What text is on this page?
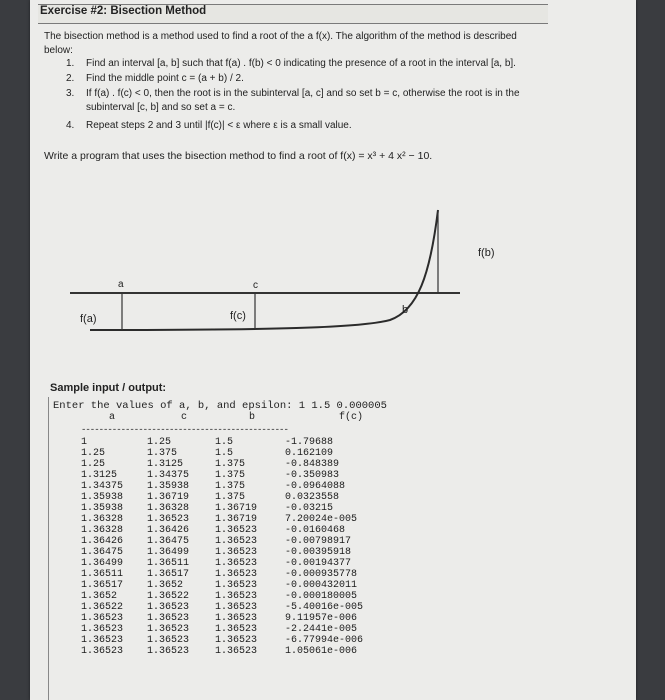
Exercise #2: Bisection Method
The bisection method is a method used to find a root of the a f(x). The algorithm of the method is described
below:
1. Find an interval [a, b] such that f(a) . f(b) < 0 indicating the presence of a root in the interval [a, b].
2. Find the middle point c = (a + b) / 2.
3. If f(a) . f(c) < 0, then the root is in the subinterval [a, c] and so set b = c, otherwise the root is in the
subinterval [c, b] and so set a = c.
4. Repeat steps 2 and 3 until |f(c)| < ε where ε is a small value.
Write a program that uses the bisection method to find a root of f(x) = x³ + 4 x² − 10.
f(b)
a	c
b
f(a)	f(c)
Sample input / output:
Enter the values of a, b, and epsilon: 1 1.5 0.000005
a	c	b	f(c)
-----------------------------------------------
1	1.25	1.5	-1.79688
1.25	1.375	1.5	0.162109
1.25	1.3125	1.375	-0.848389
1.3125	1.34375	1.375	-0.350983
1.34375	1.35938	1.375	-0.0964088
1.35938	1.36719	1.375	0.0323558
1.35938	1.36328	1.36719	-0.03215
1.36328	1.36523	1.36719	7.20024e-005
1.36328	1.36426	1.36523	-0.0160468
1.36426	1.36475	1.36523	-0.00798917
1.36475	1.36499	1.36523	-0.00395918
1.36499	1.36511	1.36523	-0.00194377
1.36511	1.36517	1.36523	-0.000935778
1.36517	1.3652	1.36523	-0.000432011
1.3652	1.36522	1.36523	-0.000180005
1.36522	1.36523	1.36523	-5.40016e-005
1.36523	1.36523	1.36523	9.11957e-006
1.36523	1.36523	1.36523	-2.2441e-005
1.36523	1.36523	1.36523	-6.77994e-006
1.36523	1.36523	1.36523	1.05061e-006
